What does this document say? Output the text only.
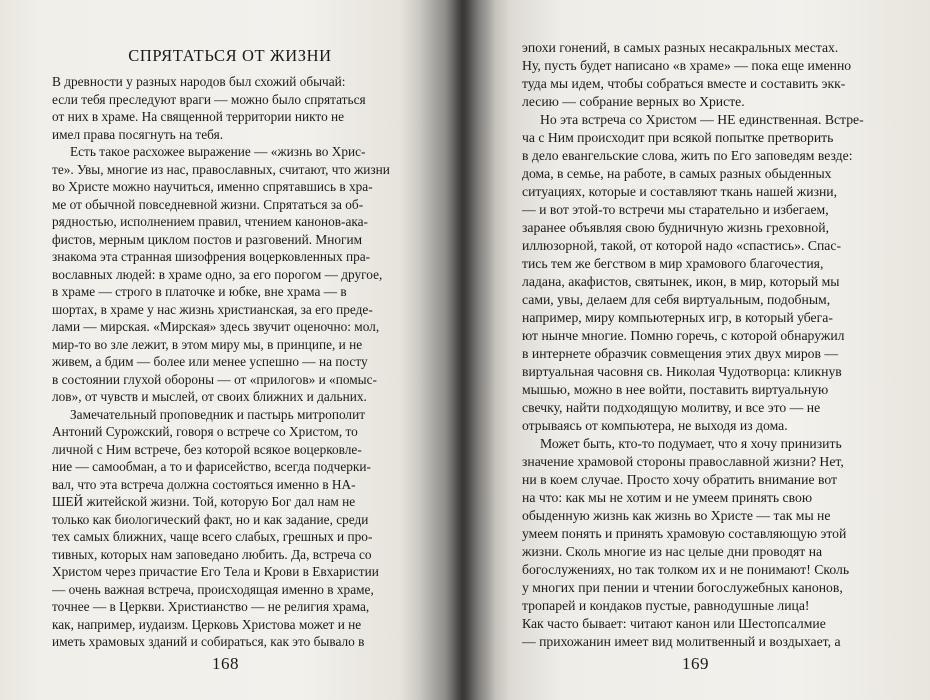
СПРЯТАТЬСЯ ОТ ЖИЗНИ
В древности у разных народов был схожий обычай:
если тебя преследуют враги — можно было спрятаться
от них в храме. На священной территории никто не
имел права посягнуть на тебя.
Есть такое расхожее выражение — «жизнь во Хрис-
те». Увы, многие из нас, православных, считают, что жизни
во Христе можно научиться, именно спрятавшись в хра-
ме от обычной повседневной жизни. Спрятаться за об-
рядностью, исполнением правил, чтением канонов-ака-
фистов, мерным циклом постов и разговений. Многим
знакома эта странная шизофрения воцерковленных пра-
вославных людей: в храме одно, за его порогом — другое,
в храме — строго в платочке и юбке, вне храма — в
шортах, в храме у нас жизнь христианская, за его преде-
лами — мирская. «Мирская» здесь звучит оценочно: мол,
мир-то во зле лежит, в этом миру мы, в принципе, и не
живем, а бдим — более или менее успешно — на посту
в состоянии глухой обороны — от «прилогов» и «помыс-
лов», от чувств и мыслей, от своих ближних и дальних.
Замечательный проповедник и пастырь митрополит
Антоний Сурожский, говоря о встрече со Христом, то
личной с Ним встрече, без которой всякое воцерковле-
ние — самообман, а то и фарисейство, всегда подчерки-
вал, что эта встреча должна состояться именно в НА-
ШЕЙ житейской жизни. Той, которую Бог дал нам не
только как биологический факт, но и как задание, среди
тех самых ближних, чаще всего слабых, грешных и про-
тивных, которых нам заповедано любить. Да, встреча со
168
Христом через причастие Его Тела и Крови в Евхаристии
— очень важная встреча, происходящая именно в храме,
точнее — в Церкви. Христианство — не религия храма,
как, например, иудаизм. Церковь Христова может и не
иметь храмовых зданий и собираться, как это бывало в
эпохи гонений, в самых разных несакральных местах.
Ну, пусть будет написано «в храме» — пока еще именно
туда мы идем, чтобы собраться вместе и составить экк-
лесию — собрание верных во Христе.
Но эта встреча со Христом — НЕ единственная. Встре-
ча с Ним происходит при всякой попытке претворить
в дело евангельские слова, жить по Его заповедям везде:
дома, в семье, на работе, в самых разных обыденных
ситуациях, которые и составляют ткань нашей жизни,
— и вот этой-то встречи мы старательно и избегаем,
заранее объявляя свою будничную жизнь греховной,
иллюзорной, такой, от которой надо «спастись». Спас-
тись тем же бегством в мир храмового благочестия,
ладана, акафистов, святынек, икон, в мир, который мы
сами, увы, делаем для себя виртуальным, подобным,
например, миру компьютерных игр, в который убега-
ют нынче многие. Помню горечь, с которой обнаружил
в интернете образчик совмещения этих двух миров —
виртуальная часовня св. Николая Чудотворца: кликнув
мышью, можно в нее войти, поставить виртуальную
свечку, найти подходящую молитву, и все это — не
отрываясь от компьютера, не выходя из дома.
Может быть, кто-то подумает, что я хочу принизить
значение храмовой стороны православной жизни? Нет,
ни в коем случае. Просто хочу обратить внимание вот
на что: как мы не хотим и не умеем принять свою
обыденную жизнь как жизнь во Христе — так мы не
умеем понять и принять храмовую составляющую этой
жизни. Сколь многие из нас целые дни проводят на
169
богослужениях, но так толком их и не понимают! Сколь
у многих при пении и чтении богослужебных канонов,
тропарей и кондаков пустые, равнодушные лица!
Как часто бывает: читают канон или Шестопсалмие
— прихожанин имеет вид молитвенный и воздыхает, а
